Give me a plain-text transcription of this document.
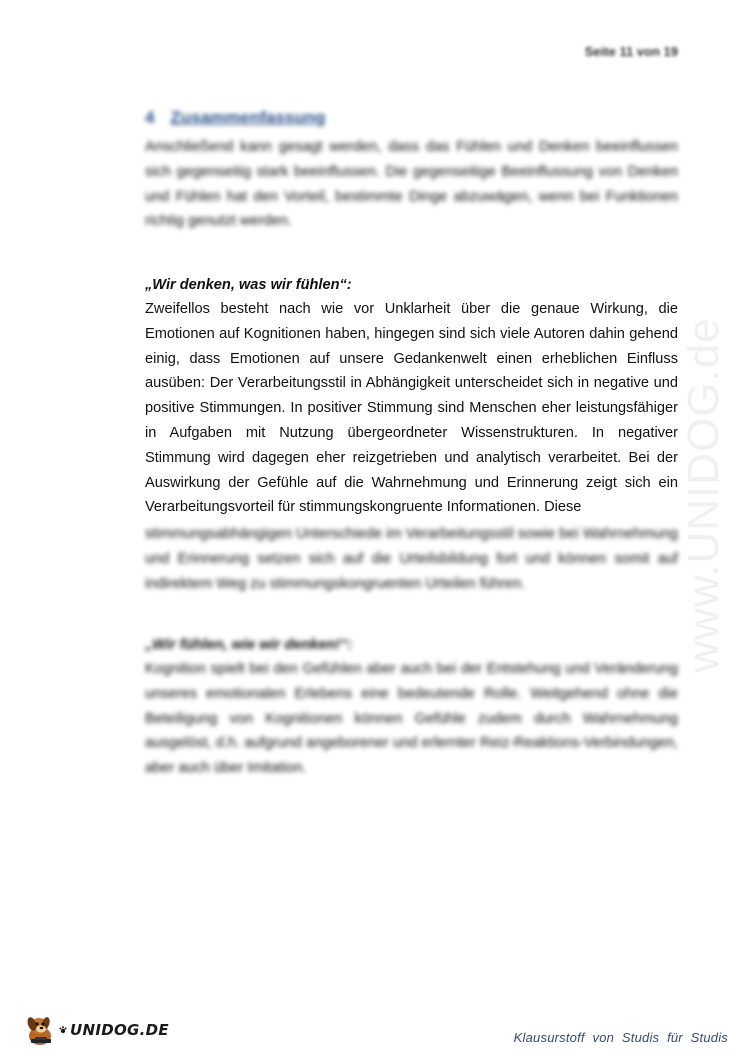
www.UNIDOG.de
Seite 11 von 19
4 Zusammenfassung

Anschließend kann gesagt werden, dass das Fühlen und Denken beeinflussen sich gegenseitig stark beeinflussen. Die gegenseitige Beeinflussung von Denken und Fühlen hat den Vorteil, bestimmte Dinge abzuwägen, wenn bei Funktionen richtig genutzt werden.

„Wir denken, was wir fühlen“:

Zweifellos besteht nach wie vor Unklarheit über die genaue Wirkung, die Emotionen auf Kognitionen haben, hingegen sind sich viele Autoren dahin gehend einig, dass Emotionen auf unsere Gedankenwelt einen erheblichen Einfluss ausüben: Der Verarbeitungsstil in Abhängigkeit unterscheidet sich in negative und positive Stimmungen. In positiver Stimmung sind Menschen eher leistungsfähiger in Aufgaben mit Nutzung übergeordneter Wissenstrukturen. In negativer Stimmung wird dagegen eher reizgetrieben und analytisch verarbeitet. Bei der Auswirkung der Gefühle auf die Wahrnehmung und Erinnerung zeigt sich ein Verarbeitungsvorteil für stimmungskongruente Informationen. Diese

stimmungsabhängigen Unterschiede im Verarbeitungsstil sowie bei Wahrnehmung und Erinnerung setzen sich auf die Urteilsbildung fort und können somit auf indirektem Weg zu stimmungskongruenten Urteilen führen.

„Wir fühlen, wie wir denken!“:

Kognition spielt bei den Gefühlen aber auch bei der Entstehung und Veränderung unseres emotionalen Erlebens eine bedeutende Rolle. Weitgehend ohne die Beteiligung von Kognitionen können Gefühle zudem durch Wahrnehmung ausgelöst, d.h. aufgrund angeborener und erlernter Reiz-Reaktions-Verbindungen, aber auch über Imitation.

UNIDOG.DE	Klausurstoff von Studis für Studis
